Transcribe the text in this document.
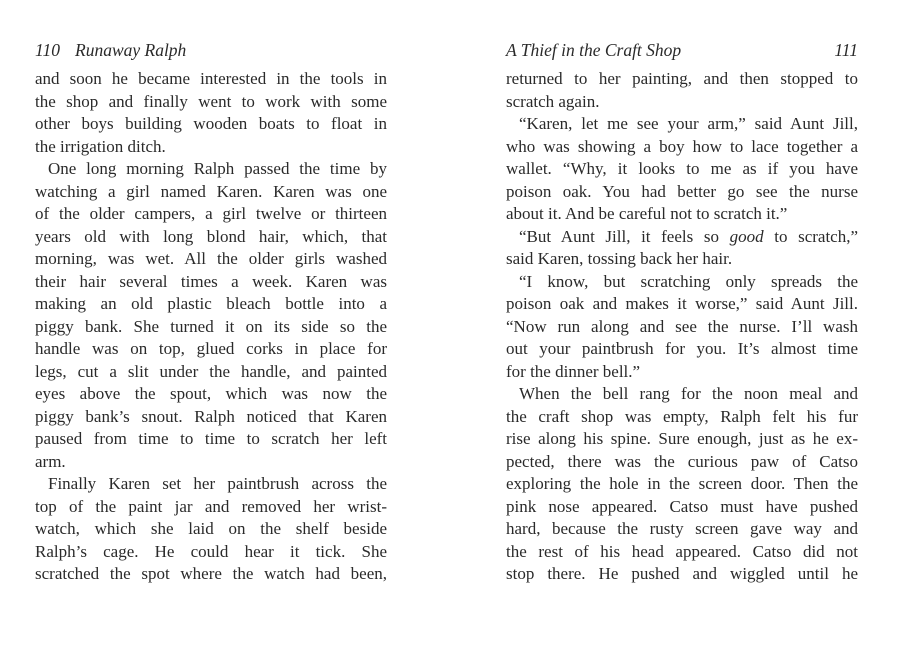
110 Runaway Ralph
and soon he became interested in the tools in
the shop and finally went to work with some
other boys building wooden boats to float in
the irrigation ditch.
One long morning Ralph passed the time by
watching a girl named Karen. Karen was one
of the older campers, a girl twelve or thirteen
years old with long blond hair, which, that
morning, was wet. All the older girls washed
their hair several times a week. Karen was
making an old plastic bleach bottle into a
piggy bank. She turned it on its side so the
handle was on top, glued corks in place for
legs, cut a slit under the handle, and painted
eyes above the spout, which was now the
piggy bank’s snout. Ralph noticed that Karen
paused from time to time to scratch her left
arm.
Finally Karen set her paintbrush across the
top of the paint jar and removed her wrist-
watch, which she laid on the shelf beside
Ralph’s cage. He could hear it tick. She
scratched the spot where the watch had been,
A Thief in the Craft Shop	111
returned to her painting, and then stopped to
scratch again.
“Karen, let me see your arm,” said Aunt Jill,
who was showing a boy how to lace together a
wallet. “Why, it looks to me as if you have
poison oak. You had better go see the nurse
about it. And be careful not to scratch it.”
“But Aunt Jill, it feels so good to scratch,”
said Karen, tossing back her hair.
“I know, but scratching only spreads the
poison oak and makes it worse,” said Aunt Jill.
“Now run along and see the nurse. I’ll wash
out your paintbrush for you. It’s almost time
for the dinner bell.”
When the bell rang for the noon meal and
the craft shop was empty, Ralph felt his fur
rise along his spine. Sure enough, just as he ex-
pected, there was the curious paw of Catso
exploring the hole in the screen door. Then the
pink nose appeared. Catso must have pushed
hard, because the rusty screen gave way and
the rest of his head appeared. Catso did not
stop there. He pushed and wiggled until he
